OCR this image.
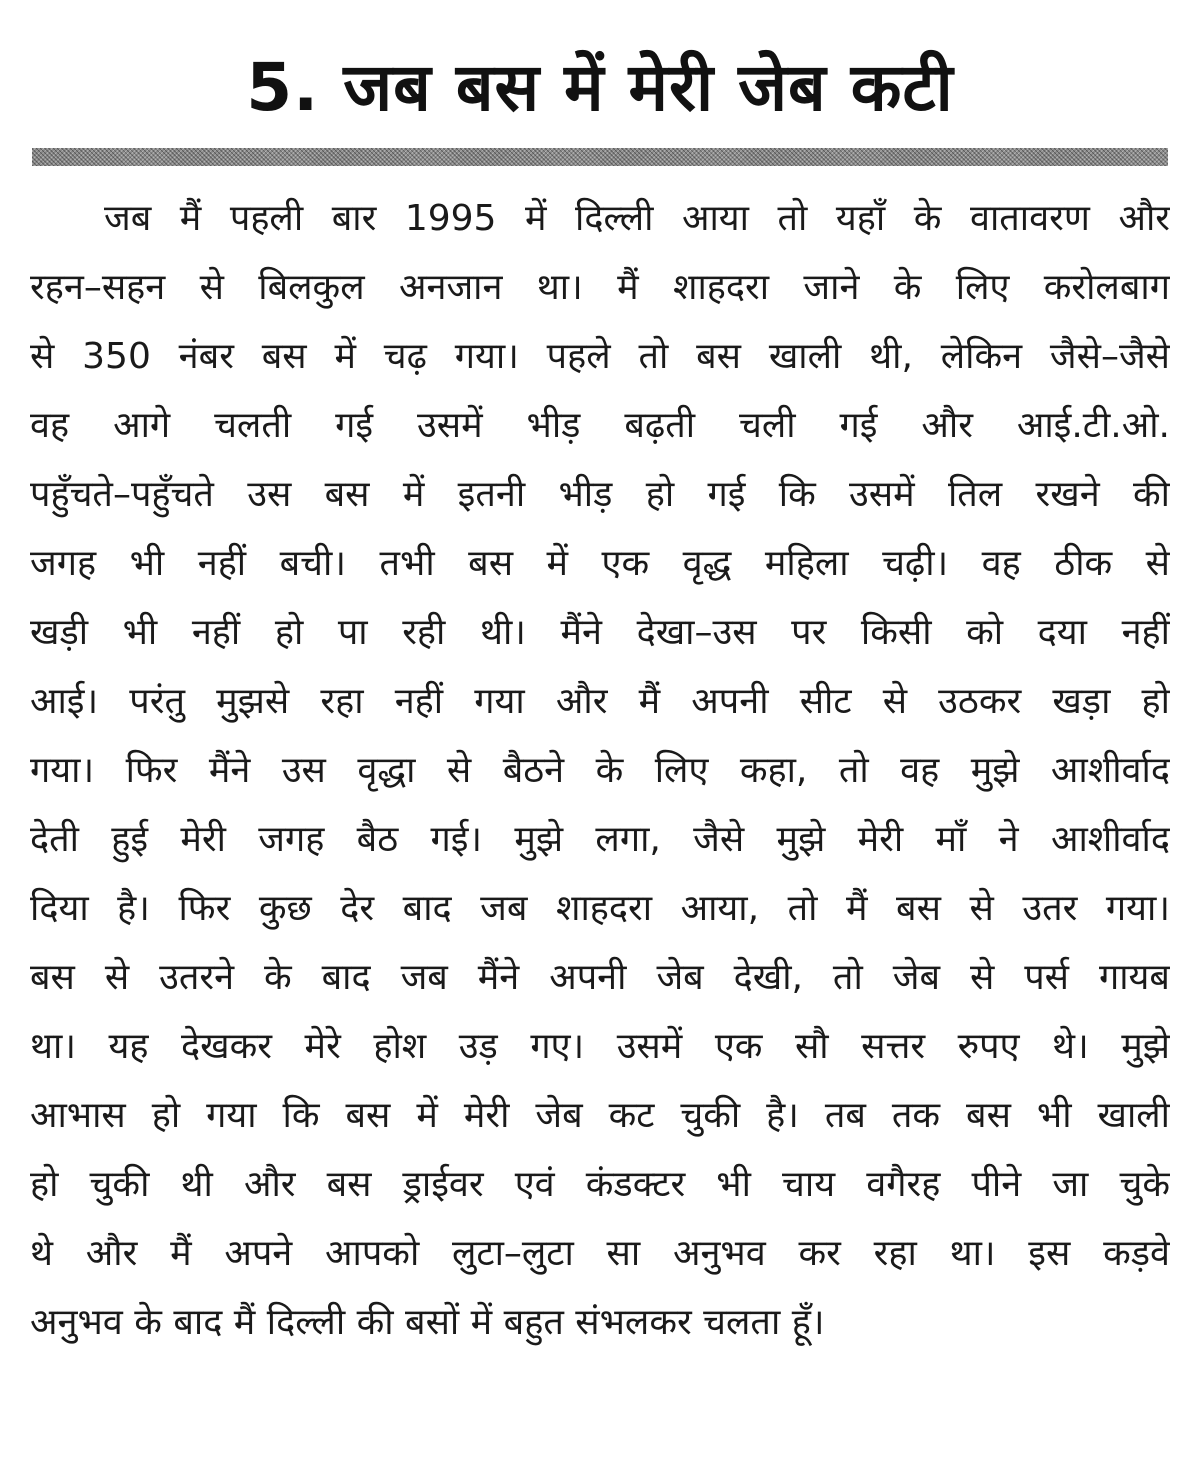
5. जब बस में मेरी जेब कटी
जब मैं पहली बार 1995 में दिल्ली आया तो यहाँ के वातावरण और
रहन–सहन से बिलकुल अनजान था। मैं शाहदरा जाने के लिए करोलबाग
से 350 नंबर बस में चढ़ गया। पहले तो बस खाली थी, लेकिन जैसे–जैसे
वह आगे चलती गई उसमें भीड़ बढ़ती चली गई और आई.टी.ओ.
पहुँचते–पहुँचते उस बस में इतनी भीड़ हो गई कि उसमें तिल रखने की
जगह भी नहीं बची। तभी बस में एक वृद्ध महिला चढ़ी। वह ठीक से
खड़ी भी नहीं हो पा रही थी। मैंने देखा–उस पर किसी को दया नहीं
आई। परंतु मुझसे रहा नहीं गया और मैं अपनी सीट से उठकर खड़ा हो
गया। फिर मैंने उस वृद्धा से बैठने के लिए कहा, तो वह मुझे आशीर्वाद
देती हुई मेरी जगह बैठ गई। मुझे लगा, जैसे मुझे मेरी माँ ने आशीर्वाद
दिया है। फिर कुछ देर बाद जब शाहदरा आया, तो मैं बस से उतर गया।
बस से उतरने के बाद जब मैंने अपनी जेब देखी, तो जेब से पर्स गायब
था। यह देखकर मेरे होश उड़ गए। उसमें एक सौ सत्तर रुपए थे। मुझे
आभास हो गया कि बस में मेरी जेब कट चुकी है। तब तक बस भी खाली
हो चुकी थी और बस ड्राईवर एवं कंडक्टर भी चाय वगैरह पीने जा चुके
थे और मैं अपने आपको लुटा–लुटा सा अनुभव कर रहा था। इस कड़वे
अनुभव के बाद मैं दिल्ली की बसों में बहुत संभलकर चलता हूँ।
